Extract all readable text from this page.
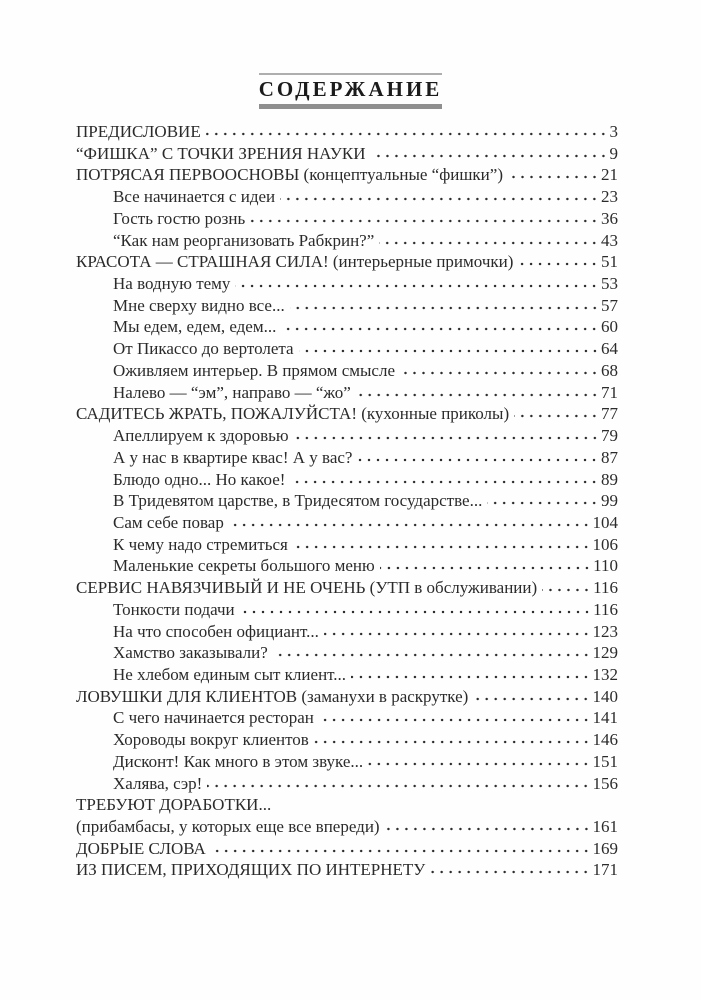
СОДЕРЖАНИЕ
ПРЕДИСЛОВИЕ	3
“ФИШКА” С ТОЧКИ ЗРЕНИЯ НАУКИ	9
ПОТРЯСАЯ ПЕРВООСНОВЫ (концептуальные “фишки”)	21
Все начинается с идеи	23
Гость гостю рознь	36
“Как нам реорганизовать Рабкрин?”	43
КРАСОТА — СТРАШНАЯ СИЛА! (интерьерные примочки)	51
На водную тему	53
Мне сверху видно все...	57
Мы едем, едем, едем...	60
От Пикассо до вертолета	64
Оживляем интерьер. В прямом смысле	68
Налево — “эм”, направо — “жо”	71
САДИТЕСЬ ЖРАТЬ, ПОЖАЛУЙСТА! (кухонные приколы)	77
Апеллируем к здоровью	79
А у нас в квартире квас! А у вас?	87
Блюдо одно... Но какое!	89
В Тридевятом царстве, в Тридесятом государстве...	99
Сам себе повар	104
К чему надо стремиться	106
Маленькие секреты большого меню	110
СЕРВИС НАВЯЗЧИВЫЙ И НЕ ОЧЕНЬ (УТП в обслуживании)	116
Тонкости подачи	116
На что способен официант...	123
Хамство заказывали?	129
Не хлебом единым сыт клиент...	132
ЛОВУШКИ ДЛЯ КЛИЕНТОВ (заманухи в раскрутке)	140
С чего начинается ресторан	141
Хороводы вокруг клиентов	146
Дисконт! Как много в этом звуке...	151
Халява, сэр!	156
ТРЕБУЮТ ДОРАБОТКИ...
(прибамбасы, у которых еще все впереди)	161
ДОБРЫЕ СЛОВА	169
ИЗ ПИСЕМ, ПРИХОДЯЩИХ ПО ИНТЕРНЕТУ	171
